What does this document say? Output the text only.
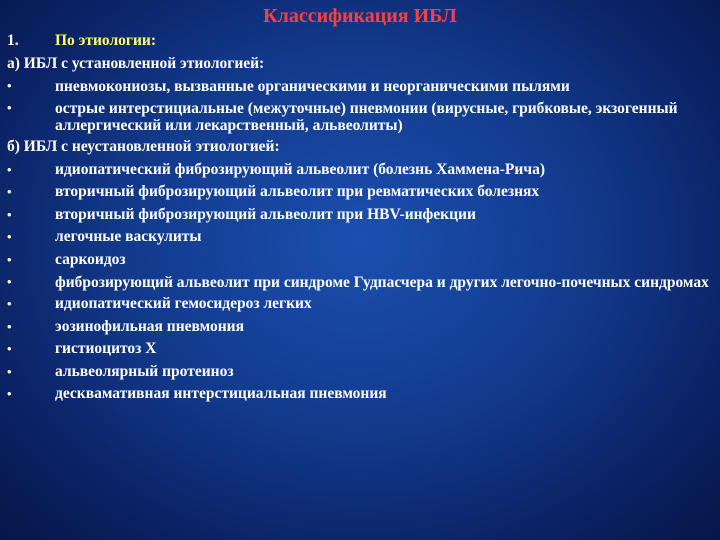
Классификация ИБЛ
1. По этиологии:
а) ИБЛ с установленной этиологией:
•	пневмокониозы, вызванные органическими и неорганическими пылями
•	острые интерстициальные (межуточные) пневмонии (вирусные, грибковые, экзогенный аллергический или лекарственный, альвеолиты)
б) ИБЛ с неустановленной этиологией:
•	идиопатический фиброзирующий альвеолит (болезнь Хаммена-Рича)
•	вторичный фиброзирующий альвеолит при ревматических болезнях
•	вторичный фиброзирующий альвеолит при HBV-инфекции
•	легочные васкулиты
•	саркоидоз
•	фиброзирующий альвеолит при синдроме Гудпасчера и других легочно-почечных синдромах
•	идиопатический гемосидероз легких
•	эозинофильная пневмония
•	гистиоцитоз Х
•	альвеолярный протеиноз
•	десквамативная интерстициальная пневмония
